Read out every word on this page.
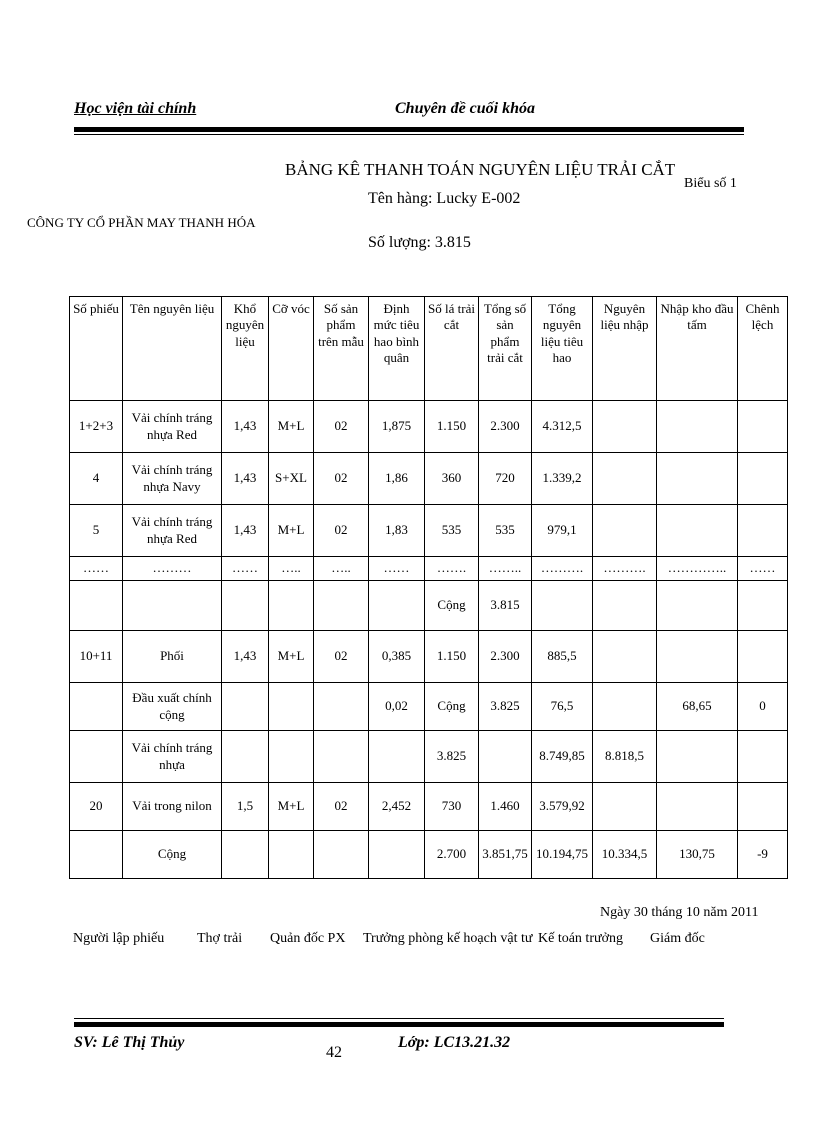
Học viện tài chính	Chuyên đề cuối khóa
BẢNG KÊ THANH TOÁN NGUYÊN LIỆU TRẢI CẮT
Tên hàng: Lucky E-002
Số lượng: 3.815
Biểu số 1
CÔNG TY CỔ PHẦN MAY THANH HÓA
Số phiếu	Tên nguyên liệu	Khổ nguyên liệu	Cỡ vóc	Số sản phẩm trên mẫu	Định mức tiêu hao bình quân	Số lá trải cắt	Tổng số sản phẩm trải cắt	Tổng nguyên liệu tiêu hao	Nguyên liệu nhập	Nhập kho đầu tấm	Chênh lệch
1+2+3	Vải chính tráng nhựa Red	1,43	M+L	02	1,875	1.150	2.300	4.312,5			
4	Vải chính tráng nhựa Navy	1,43	S+XL	02	1,86	360	720	1.339,2			
5	Vải chính tráng nhựa Red	1,43	M+L	02	1,83	535	535	979,1			
……	………	……	…..	…..	……	…….	……..	……….	……….	…………..	……
						Cộng	3.815				
10+11	Phối	1,43	M+L	02	0,385	1.150	2.300	885,5			
	Đầu xuất chính cộng				0,02	Cộng	3.825	76,5		68,65	0
	Vải chính tráng nhựa					3.825		8.749,85	8.818,5		
20	Vải trong nilon	1,5	M+L	02	2,452	730	1.460	3.579,92			
	Cộng					2.700	3.851,75	10.194,75	10.334,5	130,75	-9
Ngày 30 tháng 10 năm 2011
Người lập phiếu Thợ trải Quản đốc PX Trưởng phòng kế hoạch vật tư Kế toán trưởng Giám đốc
SV: Lê Thị Thủy
42
Lớp: LC13.21.32
